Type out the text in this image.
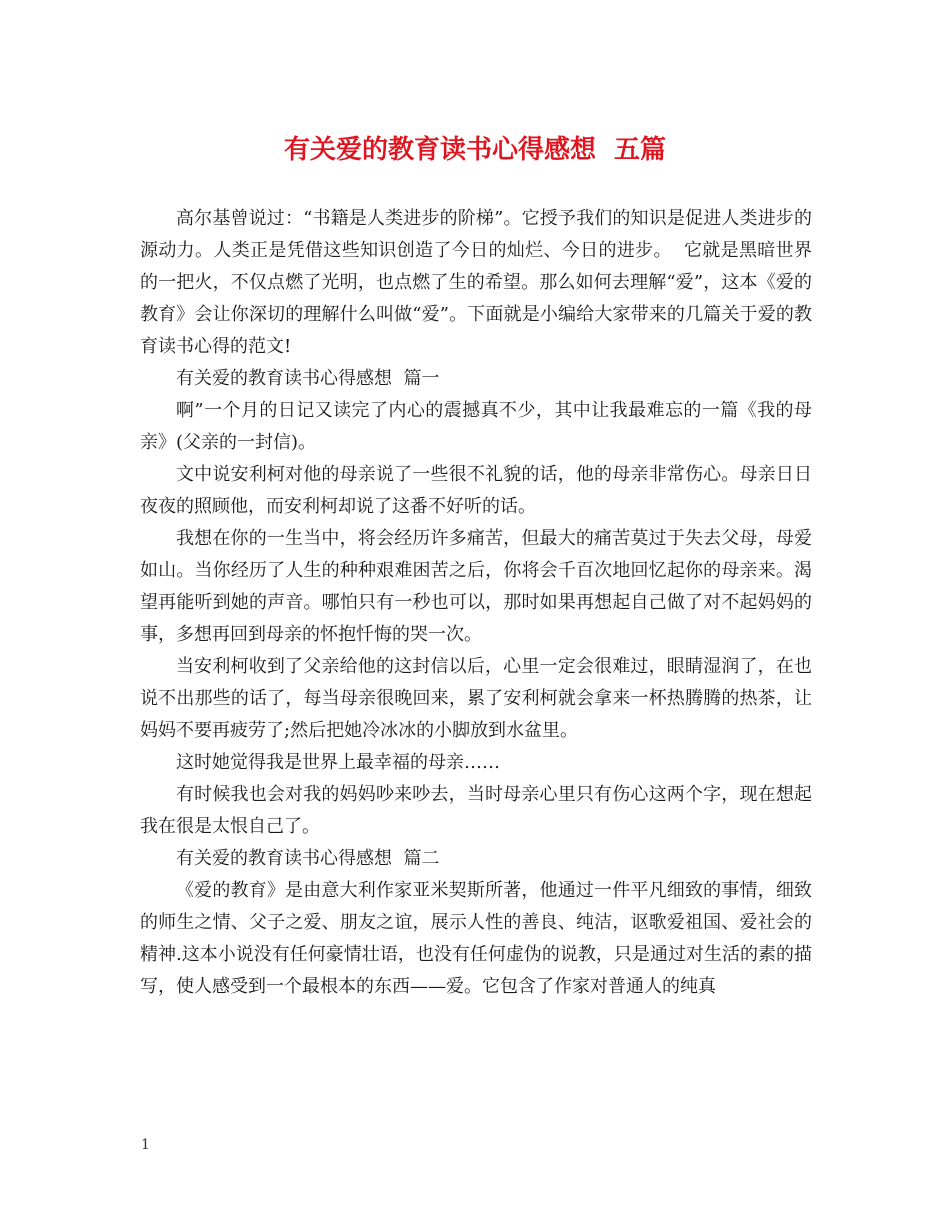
有关爱的教育读书心得感想  五篇

高尔基曾说过：“书籍是人类进步的阶梯”。它授予我们的知识是促进人类进步的源动力。人类正是凭借这些知识创造了今日的灿烂、今日的进步。  它就是黑暗世界的一把火，不仅点燃了光明，也点燃了生的希望。那么如何去理解“爱”，这本《爱的教育》会让你深切的理解什么叫做“爱”。下面就是小编给大家带来的几篇关于爱的教育读书心得的范文!

有关爱的教育读书心得感想  篇一

啊”一个月的日记又读完了内心的震撼真不少，其中让我最难忘的一篇《我的母亲》(父亲的一封信)。

文中说安利柯对他的母亲说了一些很不礼貌的话，他的母亲非常伤心。母亲日日夜夜的照顾他，而安利柯却说了这番不好听的话。

我想在你的一生当中，将会经历许多痛苦，但最大的痛苦莫过于失去父母，母爱如山。当你经历了人生的种种艰难困苦之后，你将会千百次地回忆起你的母亲来。渴望再能听到她的声音。哪怕只有一秒也可以，那时如果再想起自己做了对不起妈妈的事，多想再回到母亲的怀抱忏悔的哭一次。

当安利柯收到了父亲给他的这封信以后，心里一定会很难过，眼睛湿润了，在也说不出那些的话了，每当母亲很晚回来，累了安利柯就会拿来一杯热腾腾的热茶，让妈妈不要再疲劳了;然后把她冷冰冰的小脚放到水盆里。

这时她觉得我是世界上最幸福的母亲……

有时候我也会对我的妈妈吵来吵去，当时母亲心里只有伤心这两个字，现在想起我在很是太恨自己了。

有关爱的教育读书心得感想  篇二

《爱的教育》是由意大利作家亚米契斯所著，他通过一件平凡细致的事情，细致的师生之情、父子之爱、朋友之谊，展示人性的善良、纯洁，讴歌爱祖国、爱社会的精神.这本小说没有任何豪情壮语，也没有任何虚伪的说教，只是通过对生活的素的描写，使人感受到一个最根本的东西——爱。它包含了作家对普通人的纯真

1
